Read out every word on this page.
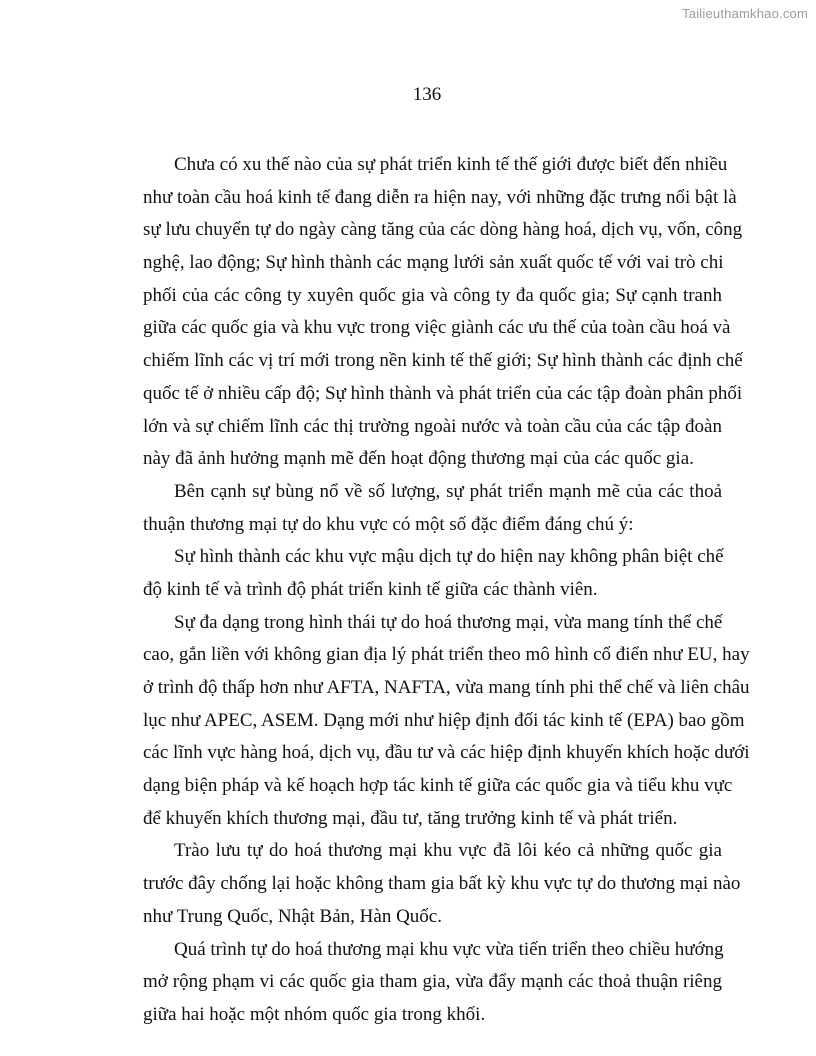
Tailieuthamkhao.com
136
Chưa có xu thế nào của sự phát triển kinh tế thế giới được biết đến nhiều
như toàn cầu hoá kinh tế đang diễn ra hiện nay, với những đặc trưng nổi bật là
sự lưu chuyển tự do ngày càng tăng của các dòng hàng hoá, dịch vụ, vốn, công
nghệ, lao động; Sự hình thành các mạng lưới sản xuất quốc tế với vai trò chi
phối của các công ty xuyên quốc gia và công ty đa quốc gia; Sự cạnh tranh
giữa các quốc gia và khu vực trong việc giành các ưu thế của toàn cầu hoá và
chiếm lĩnh các vị trí mới trong nền kinh tế thế giới; Sự hình thành các định chế
quốc tế ở nhiều cấp độ; Sự hình thành và phát triển của các tập đoàn phân phối
lớn và sự chiếm lĩnh các thị trường ngoài nước và toàn cầu của các tập đoàn
này đã ảnh hưởng mạnh mẽ đến hoạt động thương mại của các quốc gia.
Bên cạnh sự bùng nổ về số lượng, sự phát triển mạnh mẽ của các thoả
thuận thương mại tự do khu vực có một số đặc điểm đáng chú ý:
Sự hình thành các khu vực mậu dịch tự do hiện nay không phân biệt chế
độ kinh tế và trình độ phát triển kinh tế giữa các thành viên.
Sự đa dạng trong hình thái tự do hoá thương mại, vừa mang tính thể chế
cao, gắn liền với không gian địa lý phát triển theo mô hình cổ điển như EU, hay
ở trình độ thấp hơn như AFTA, NAFTA, vừa mang tính phi thể chế và liên châu
lục như APEC, ASEM. Dạng mới như hiệp định đối tác kinh tế (EPA) bao gồm
các lĩnh vực hàng hoá, dịch vụ, đầu tư và các hiệp định khuyến khích hoặc dưới
dạng biện pháp và kế hoạch hợp tác kinh tế giữa các quốc gia và tiểu khu vực
để khuyến khích thương mại, đầu tư, tăng trưởng kinh tế và phát triển.
Trào lưu tự do hoá thương mại khu vực đã lôi kéo cả những quốc gia
trước đây chống lại hoặc không tham gia bất kỳ khu vực tự do thương mại nào
như Trung Quốc, Nhật Bản, Hàn Quốc.
Quá trình tự do hoá thương mại khu vực vừa tiến triển theo chiều hướng
mở rộng phạm vi các quốc gia tham gia, vừa đẩy mạnh các thoả thuận riêng
giữa hai hoặc một nhóm quốc gia trong khối.
